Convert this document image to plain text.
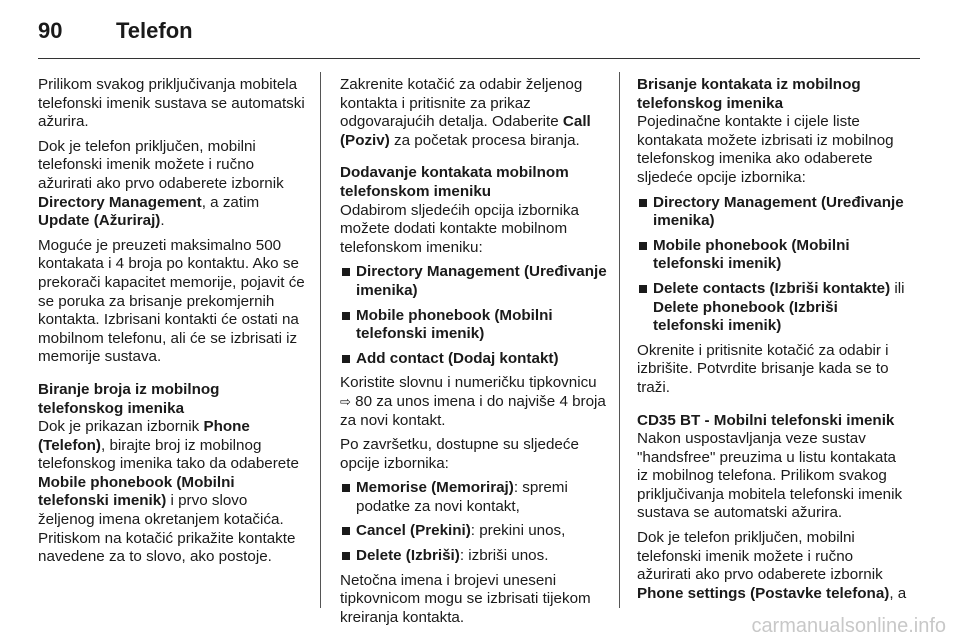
90 Telefon

Prilikom svakog priključivanja mobitela telefonski imenik sustava se automatski ažurira.

Dok je telefon priključen, mobilni telefonski imenik možete i ručno ažurirati ako prvo odaberete izbornik Directory Management, a zatim Update (Ažuriraj).

Moguće je preuzeti maksimalno 500 kontakata i 4 broja po kontaktu. Ako se prekorači kapacitet memorije, pojavit će se poruka za brisanje prekomjernih kontakta. Izbrisani kontakti će ostati na mobilnom telefonu, ali će se izbrisati iz memorije sustava.

Biranje broja iz mobilnog telefonskog imenika

Dok je prikazan izbornik Phone (Telefon), birajte broj iz mobilnog telefonskog imenika tako da odaberete Mobile phonebook (Mobilni telefonski imenik) i prvo slovo željenog imena okretanjem kotačića. Pritiskom na kotačić prikažite kontakte navedene za to slovo, ako postoje.

Zakrenite kotačić za odabir željenog kontakta i pritisnite za prikaz odgovarajućih detalja. Odaberite Call (Poziv) za početak procesa biranja.

Dodavanje kontakata mobilnom telefonskom imeniku

Odabirom sljedećih opcija izbornika možete dodati kontakte mobilnom telefonskom imeniku:

Directory Management (Uređivanje imenika)
Mobile phonebook (Mobilni telefonski imenik)
Add contact (Dodaj kontakt)

Koristite slovnu i numeričku tipkovnicu ⇨ 80 za unos imena i do najviše 4 broja za novi kontakt.

Po završetku, dostupne su sljedeće opcije izbornika:

Memorise (Memoriraj): spremi podatke za novi kontakt,
Cancel (Prekini): prekini unos,
Delete (Izbriši): izbriši unos.

Netočna imena i brojevi uneseni tipkovnicom mogu se izbrisati tijekom kreiranja kontakta.

Brisanje kontakata iz mobilnog telefonskog imenika

Pojedinačne kontakte i cijele liste kontakata možete izbrisati iz mobilnog telefonskog imenika ako odaberete sljedeće opcije izbornika:

Directory Management (Uređivanje imenika)
Mobile phonebook (Mobilni telefonski imenik)
Delete contacts (Izbriši kontakte) ili Delete phonebook (Izbriši telefonski imenik)

Okrenite i pritisnite kotačić za odabir i izbrišite. Potvrdite brisanje kada se to traži.

CD35 BT - Mobilni telefonski imenik

Nakon uspostavljanja veze sustav "handsfree" preuzima u listu kontakata iz mobilnog telefona. Prilikom svakog priključivanja mobitela telefonski imenik sustava se automatski ažurira.

Dok je telefon priključen, mobilni telefonski imenik možete i ručno ažurirati ako prvo odaberete izbornik Phone settings (Postavke telefona), a

carmanualsonline.info
